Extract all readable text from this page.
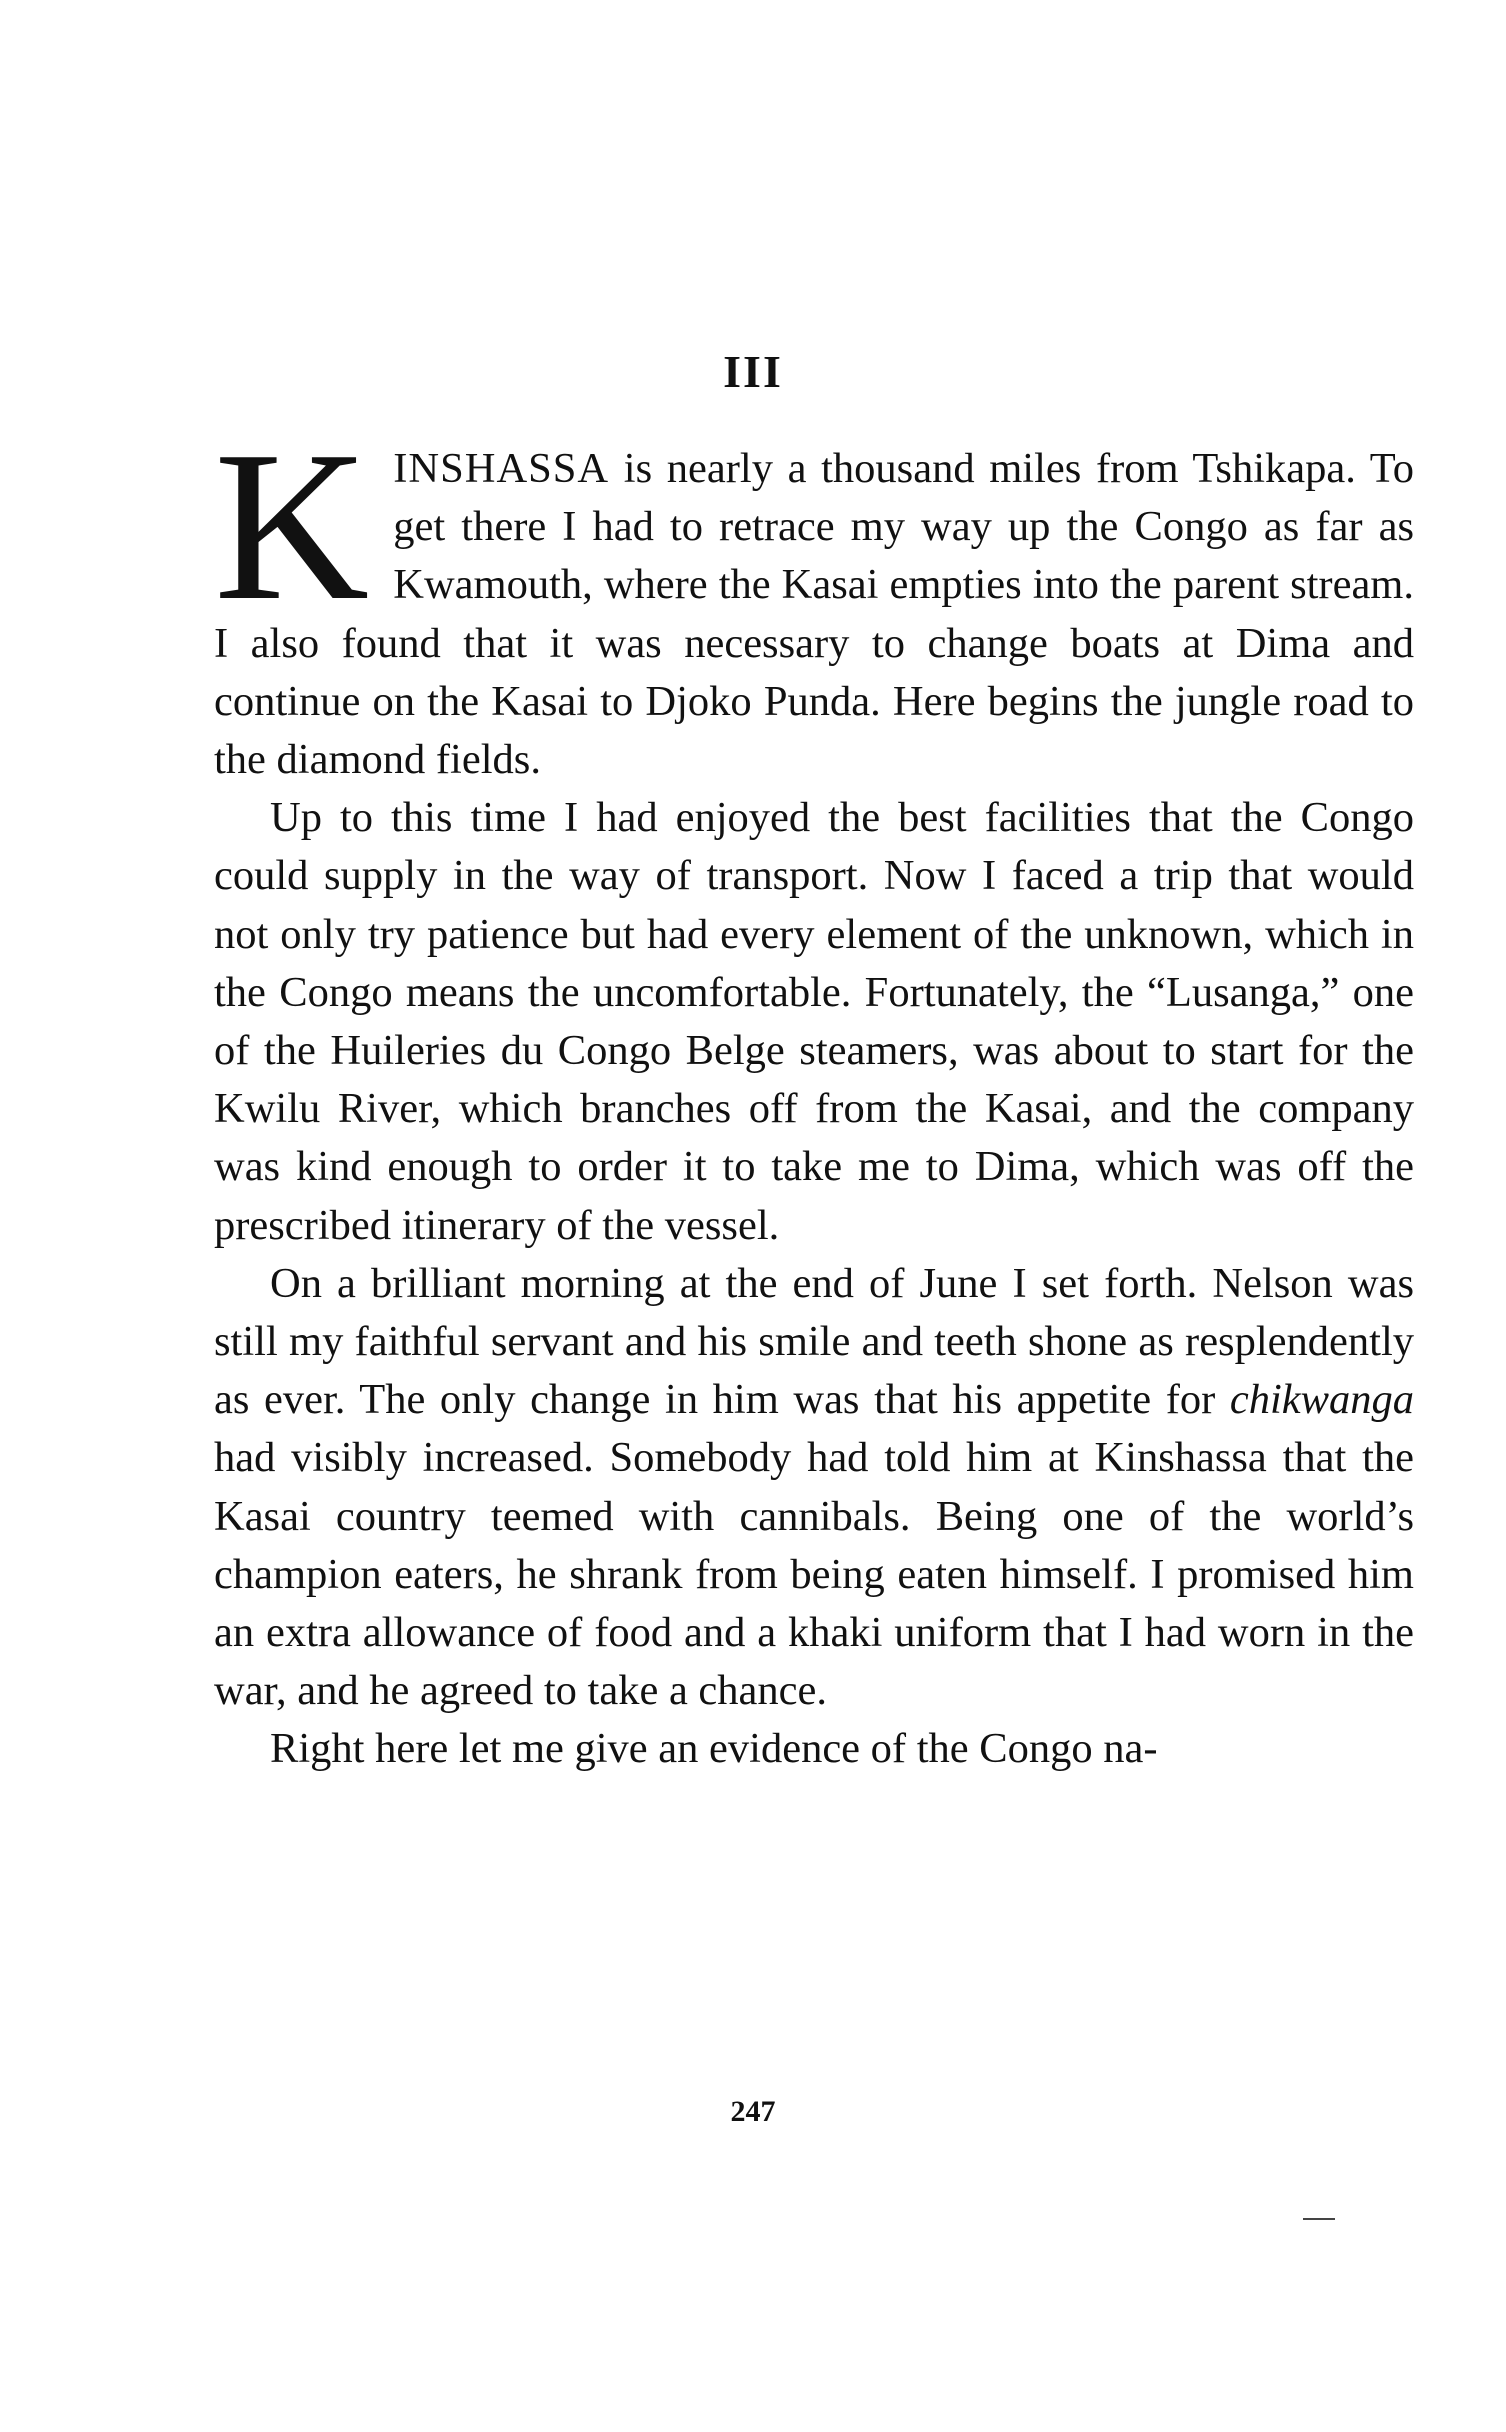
III

KINSHASSA is nearly a thousand miles from Tshikapa. To get there I had to retrace my way up the Congo as far as Kwamouth, where the Kasai empties into the parent stream. I also found that it was necessary to change boats at Dima and continue on the Kasai to Djoko Punda. Here begins the jungle road to the diamond fields.

Up to this time I had enjoyed the best facilities that the Congo could supply in the way of transport. Now I faced a trip that would not only try patience but had every element of the unknown, which in the Congo means the uncomfortable. Fortunately, the “Lusanga,” one of the Huileries du Congo Belge steamers, was about to start for the Kwilu River, which branches off from the Kasai, and the company was kind enough to order it to take me to Dima, which was off the prescribed itinerary of the vessel.

On a brilliant morning at the end of June I set forth. Nelson was still my faithful servant and his smile and teeth shone as resplendently as ever. The only change in him was that his appetite for chikwanga had visibly increased. Somebody had told him at Kinshassa that the Kasai country teemed with cannibals. Being one of the world’s champion eaters, he shrank from being eaten himself. I promised him an extra allowance of food and a khaki uniform that I had worn in the war, and he agreed to take a chance.

Right here let me give an evidence of the Congo na-

247
